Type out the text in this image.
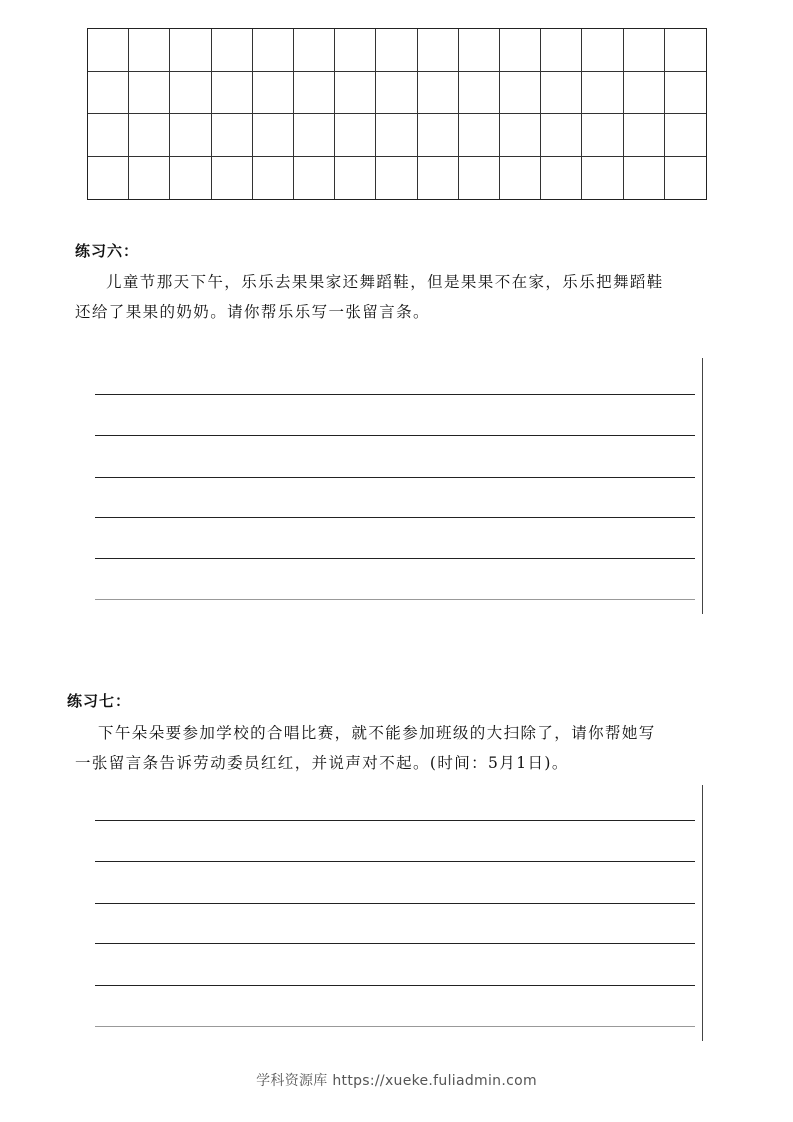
练习六：
儿童节那天下午，乐乐去果果家还舞蹈鞋，但是果果不在家，乐乐把舞蹈鞋
还给了果果的奶奶。请你帮乐乐写一张留言条。
练习七：
下午朵朵要参加学校的合唱比赛，就不能参加班级的大扫除了，请你帮她写
一张留言条告诉劳动委员红红，并说声对不起。(时间：5月1日)。
学科资源库 https://xueke.fuliadmin.com
